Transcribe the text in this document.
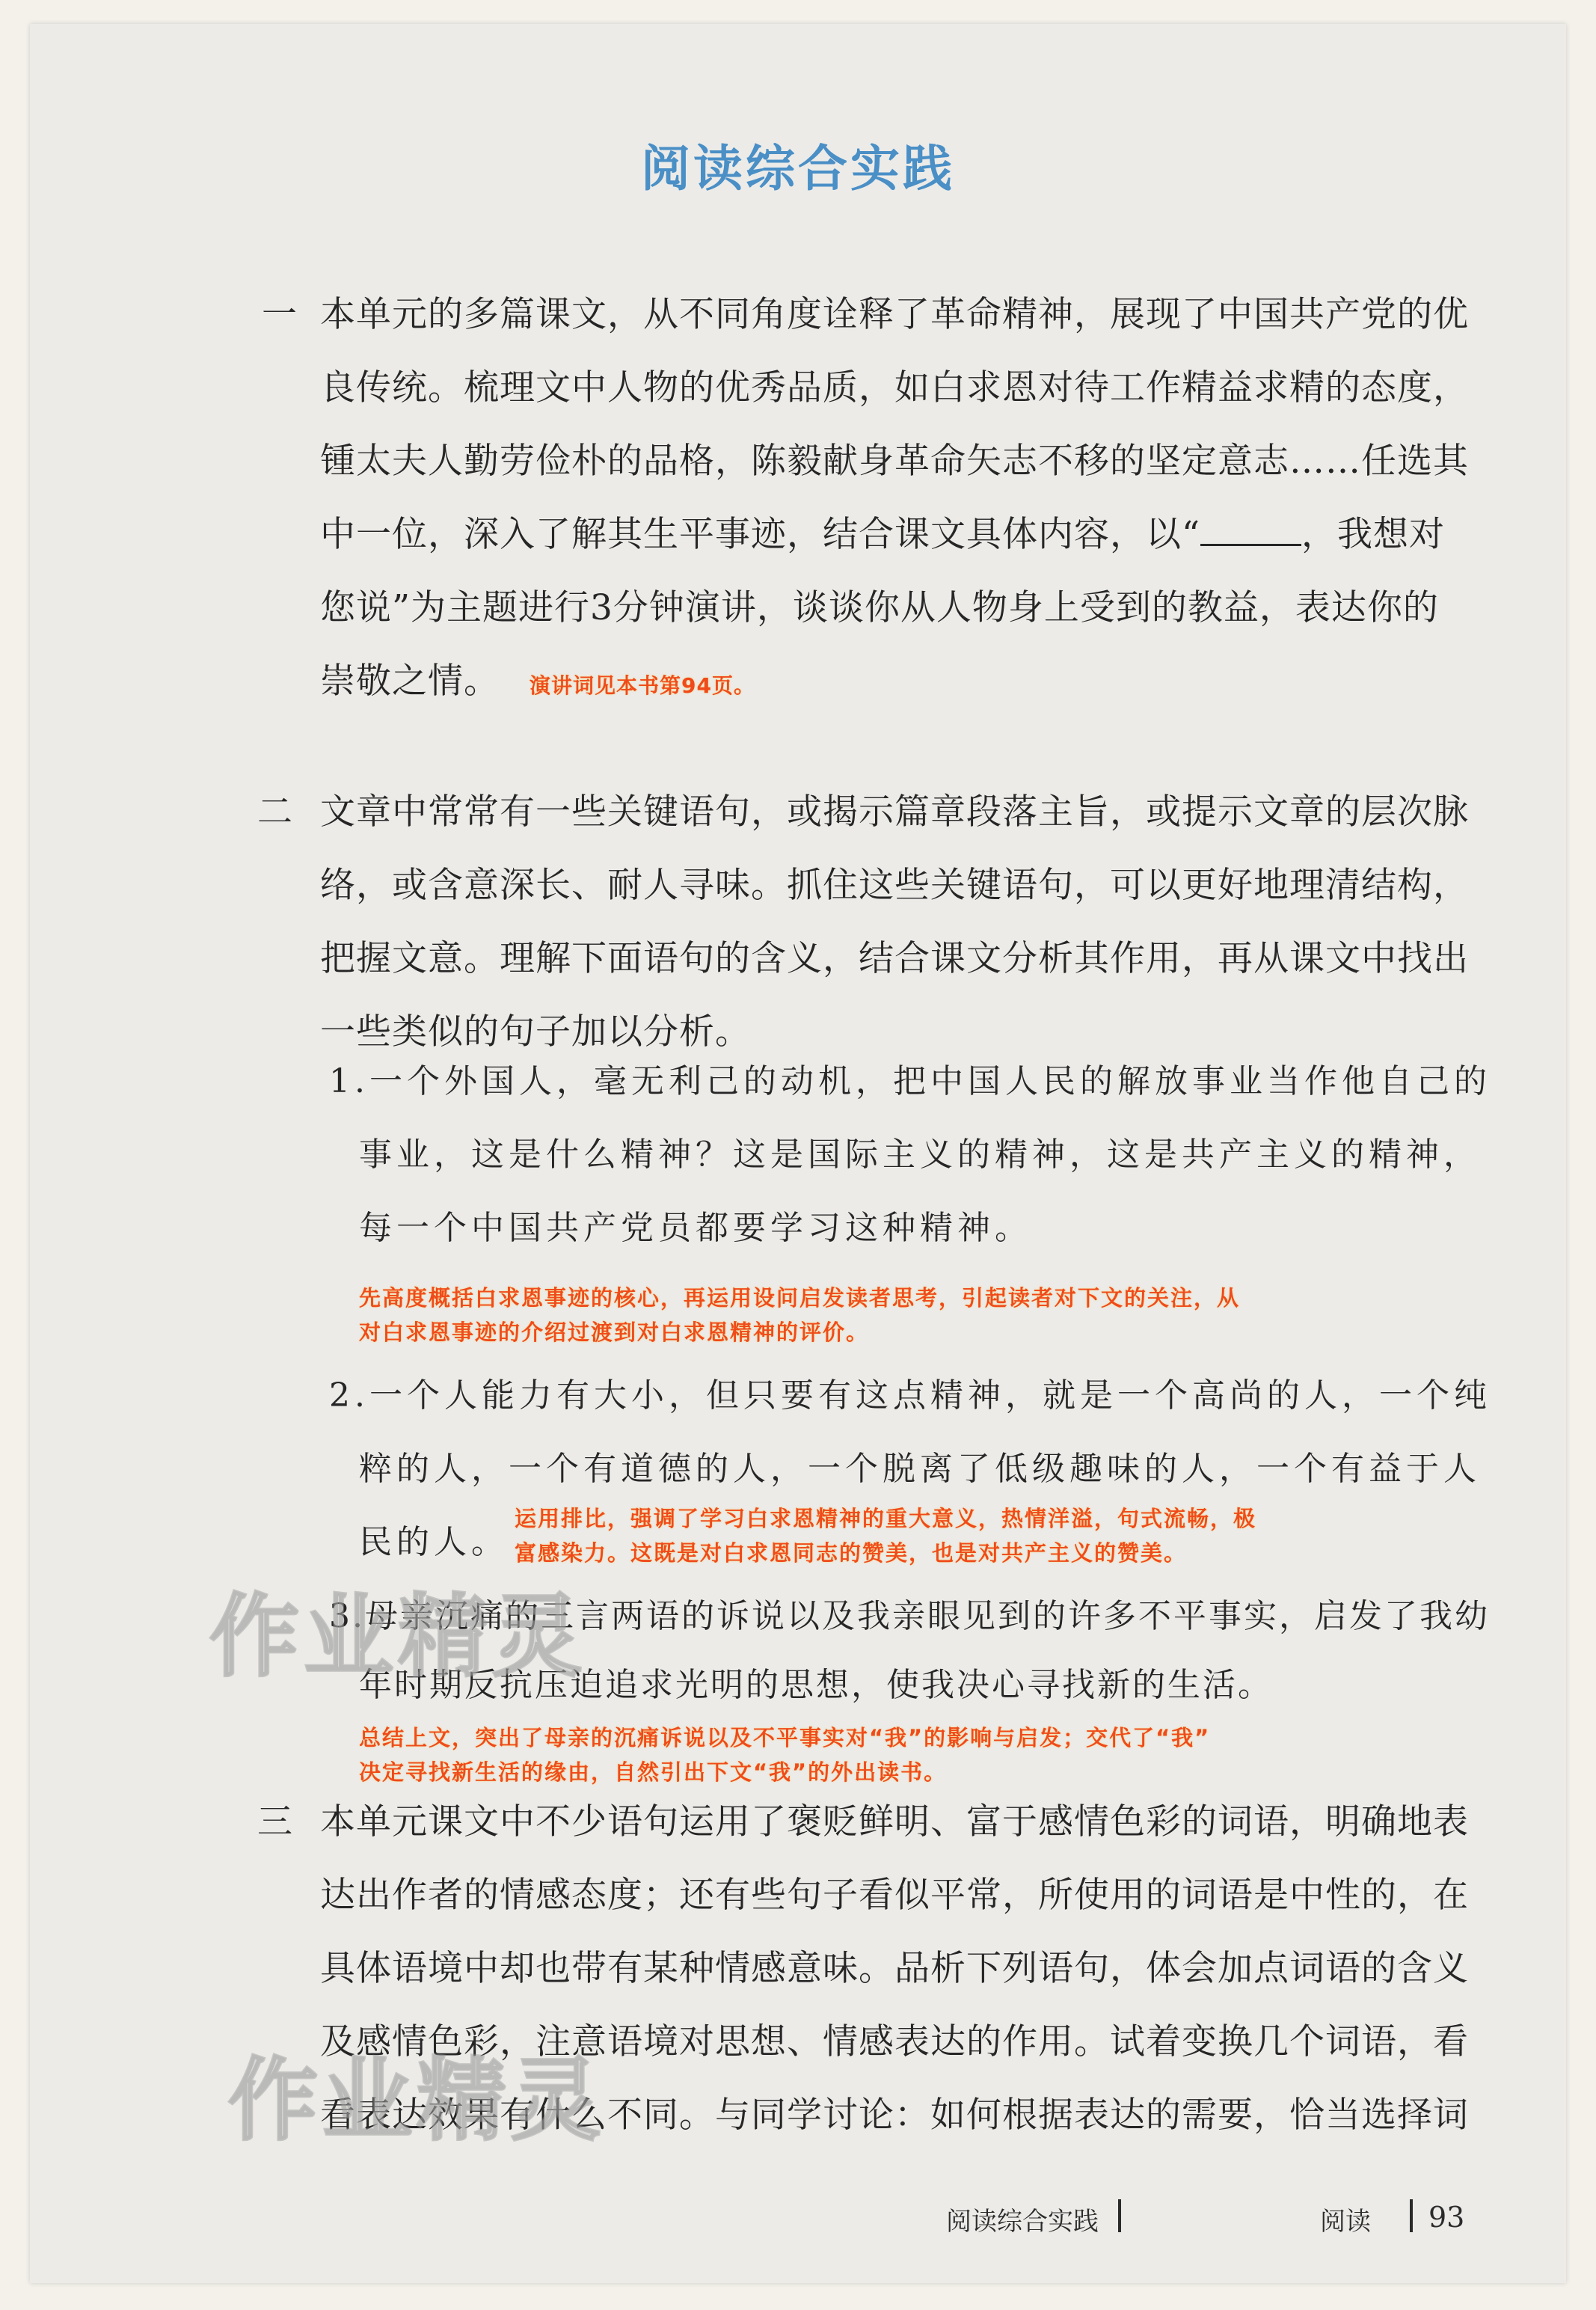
阅读综合实践
一 本单元的多篇课文，从不同角度诠释了革命精神，展现了中国共产党的优
良传统。梳理文中人物的优秀品质，如白求恩对待工作精益求精的态度，
锺太夫人勤劳俭朴的品格，陈毅献身革命矢志不移的坚定意志……任选其
中一位，深入了解其生平事迹，结合课文具体内容，以“	，我想对
您说”为主题进行3分钟演讲，谈谈你从人物身上受到的教益，表达你的
崇敬之情。 演讲词见本书第94页。
二 文章中常常有一些关键语句，或揭示篇章段落主旨，或提示文章的层次脉
络，或含意深长、耐人寻味。抓住这些关键语句，可以更好地理清结构，
把握文意。理解下面语句的含义，结合课文分析其作用，再从课文中找出
一些类似的句子加以分析。
1.一个外国人，毫无利己的动机，把中国人民的解放事业当作他自己的
事业，这是什么精神？这是国际主义的精神，这是共产主义的精神，
每一个中国共产党员都要学习这种精神。
先高度概括白求恩事迹的核心，再运用设问启发读者思考，引起读者对下文的关注，从
对白求恩事迹的介绍过渡到对白求恩精神的评价。
2.一个人能力有大小，但只要有这点精神，就是一个高尚的人，一个纯
粹的人，一个有道德的人，一个脱离了低级趣味的人，一个有益于人
民的人。
运用排比，强调了学习白求恩精神的重大意义，热情洋溢，句式流畅，极
富感染力。这既是对白求恩同志的赞美，也是对共产主义的赞美。
3.母亲沉痛的三言两语的诉说以及我亲眼见到的许多不平事实，启发了我幼
年时期反抗压迫追求光明的思想，使我决心寻找新的生活。
总结上文，突出了母亲的沉痛诉说以及不平事实对“我”的影响与启发；交代了“我”
决定寻找新生活的缘由，自然引出下文“我”的外出读书。
三 本单元课文中不少语句运用了褒贬鲜明、富于感情色彩的词语，明确地表
达出作者的情感态度；还有些句子看似平常，所使用的词语是中性的，在
具体语境中却也带有某种情感意味。品析下列语句，体会加点词语的含义
及感情色彩，注意语境对思想、情感表达的作用。试着变换几个词语，看
看表达效果有什么不同。与同学讨论：如何根据表达的需要，恰当选择词
作业精灵
作业精灵
阅读综合实践	阅读 93
